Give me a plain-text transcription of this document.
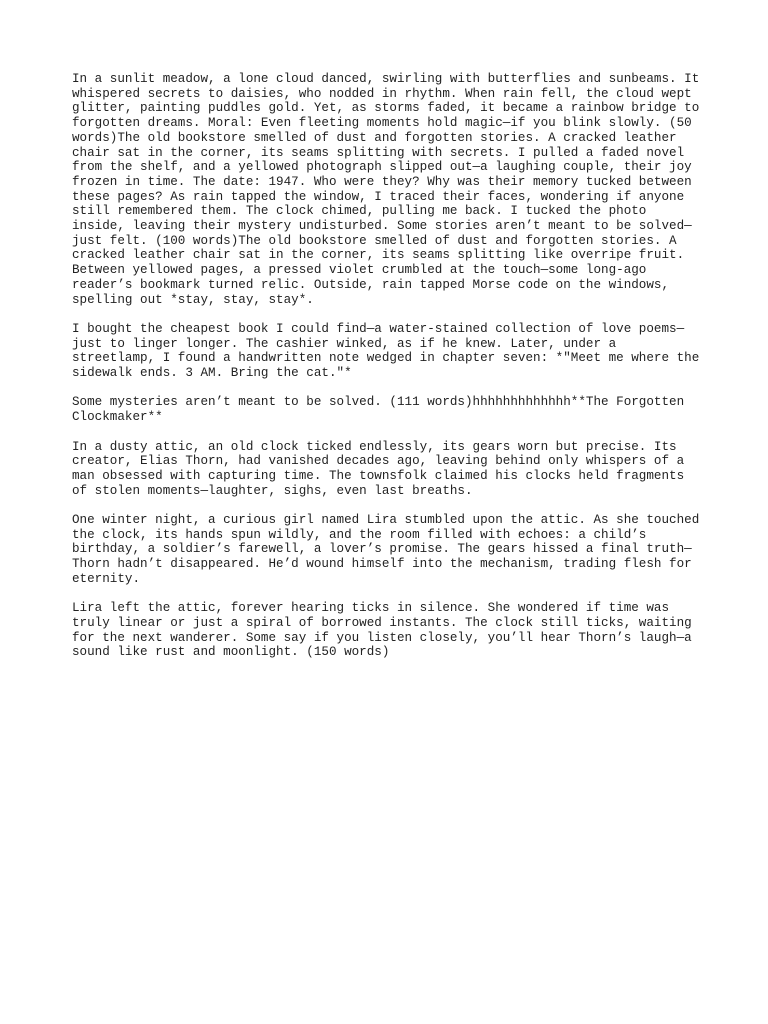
In a sunlit meadow, a lone cloud danced, swirling with butterflies and sunbeams. It
whispered secrets to daisies, who nodded in rhythm. When rain fell, the cloud wept
glitter, painting puddles gold. Yet, as storms faded, it became a rainbow bridge to
forgotten dreams. Moral: Even fleeting moments hold magic—if you blink slowly. (50
words)The old bookstore smelled of dust and forgotten stories. A cracked leather
chair sat in the corner, its seams splitting with secrets. I pulled a faded novel
from the shelf, and a yellowed photograph slipped out—a laughing couple, their joy
frozen in time. The date: 1947. Who were they? Why was their memory tucked between
these pages? As rain tapped the window, I traced their faces, wondering if anyone
still remembered them. The clock chimed, pulling me back. I tucked the photo
inside, leaving their mystery undisturbed. Some stories aren’t meant to be solved—
just felt. (100 words)The old bookstore smelled of dust and forgotten stories. A
cracked leather chair sat in the corner, its seams splitting like overripe fruit.
Between yellowed pages, a pressed violet crumbled at the touch—some long-ago
reader’s bookmark turned relic. Outside, rain tapped Morse code on the windows,
spelling out *stay, stay, stay*.

I bought the cheapest book I could find—a water-stained collection of love poems—
just to linger longer. The cashier winked, as if he knew. Later, under a
streetlamp, I found a handwritten note wedged in chapter seven: *"Meet me where the
sidewalk ends. 3 AM. Bring the cat."*

Some mysteries aren’t meant to be solved. (111 words)hhhhhhhhhhhhh**The Forgotten
Clockmaker**

In a dusty attic, an old clock ticked endlessly, its gears worn but precise. Its
creator, Elias Thorn, had vanished decades ago, leaving behind only whispers of a
man obsessed with capturing time. The townsfolk claimed his clocks held fragments
of stolen moments—laughter, sighs, even last breaths.

One winter night, a curious girl named Lira stumbled upon the attic. As she touched
the clock, its hands spun wildly, and the room filled with echoes: a child’s
birthday, a soldier’s farewell, a lover’s promise. The gears hissed a final truth—
Thorn hadn’t disappeared. He’d wound himself into the mechanism, trading flesh for
eternity.

Lira left the attic, forever hearing ticks in silence. She wondered if time was
truly linear or just a spiral of borrowed instants. The clock still ticks, waiting
for the next wanderer. Some say if you listen closely, you’ll hear Thorn’s laugh—a
sound like rust and moonlight. (150 words)
